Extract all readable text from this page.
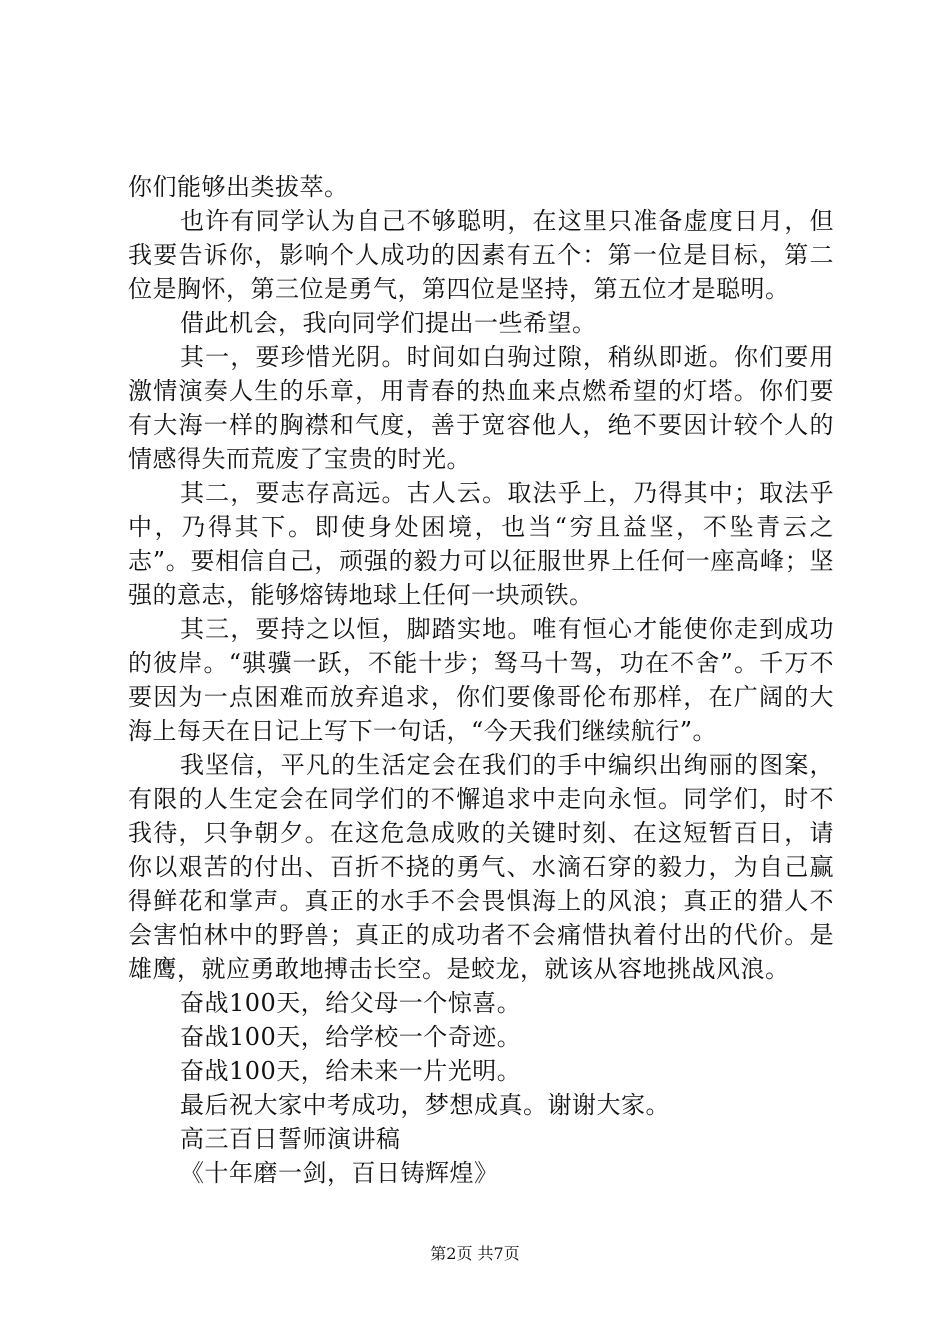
你们能够出类拔萃。

也许有同学认为自己不够聪明，在这里只准备虚度日月，但我要告诉你，影响个人成功的因素有五个：第一位是目标，第二位是胸怀，第三位是勇气，第四位是坚持，第五位才是聪明。

借此机会，我向同学们提出一些希望。

其一，要珍惜光阴。时间如白驹过隙，稍纵即逝。你们要用激情演奏人生的乐章，用青春的热血来点燃希望的灯塔。你们要有大海一样的胸襟和气度，善于宽容他人，绝不要因计较个人的情感得失而荒废了宝贵的时光。

其二，要志存高远。古人云。取法乎上，乃得其中；取法乎中，乃得其下。即使身处困境，也当“穷且益坚，不坠青云之志”。要相信自己，顽强的毅力可以征服世界上任何一座高峰；坚强的意志，能够熔铸地球上任何一块顽铁。

其三，要持之以恒，脚踏实地。唯有恒心才能使你走到成功的彼岸。“骐骥一跃，不能十步；驽马十驾，功在不舍”。千万不要因为一点困难而放弃追求，你们要像哥伦布那样，在广阔的大海上每天在日记上写下一句话，“今天我们继续航行”。

我坚信，平凡的生活定会在我们的手中编织出绚丽的图案，有限的人生定会在同学们的不懈追求中走向永恒。同学们，时不我待，只争朝夕。在这危急成败的关键时刻、在这短暂百日，请你以艰苦的付出、百折不挠的勇气、水滴石穿的毅力，为自己赢得鲜花和掌声。真正的水手不会畏惧海上的风浪；真正的猎人不会害怕林中的野兽；真正的成功者不会痛惜执着付出的代价。是雄鹰，就应勇敢地搏击长空。是蛟龙，就该从容地挑战风浪。

奋战100天，给父母一个惊喜。

奋战100天，给学校一个奇迹。

奋战100天，给未来一片光明。

最后祝大家中考成功，梦想成真。谢谢大家。

高三百日誓师演讲稿

《十年磨一剑，百日铸辉煌》

第2页 共7页
